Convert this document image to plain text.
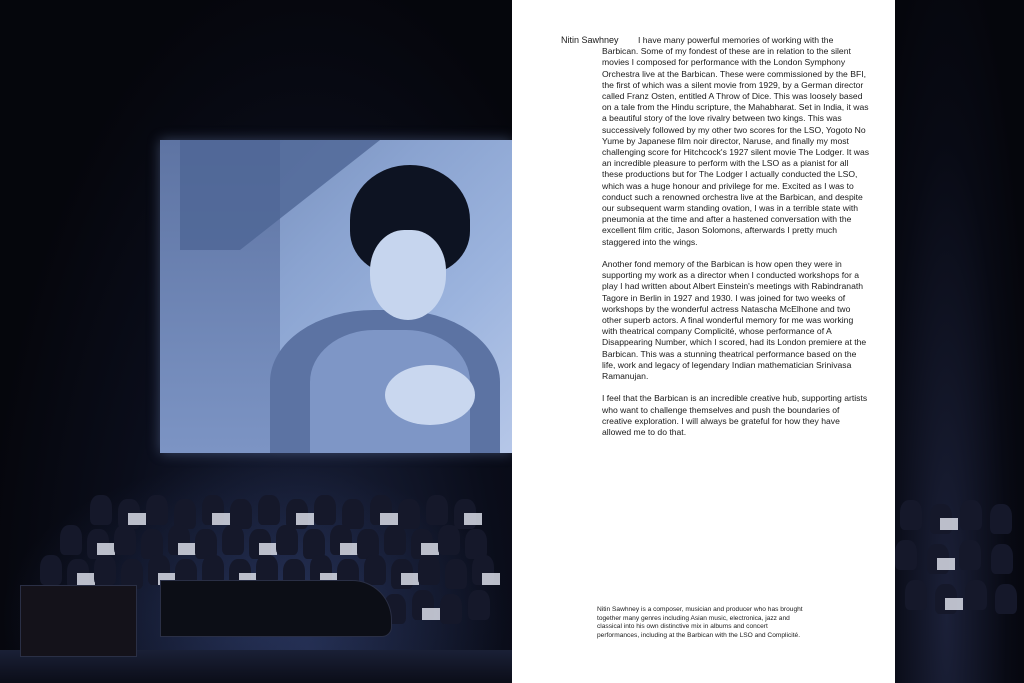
Nitin Sawhney	I have many powerful memories of working with the Barbican. Some of my fondest of these are in relation to the silent movies I composed for performance with the London Symphony Orchestra live at the Barbican. These were commissioned by the BFI, the first of which was a silent movie from 1929, by a German director called Franz Osten, entitled A Throw of Dice. This was loosely based on a tale from the Hindu scripture, the Mahabharat. Set in India, it was a beautiful story of the love rivalry between two kings. This was successively followed by my other two scores for the LSO, Yogoto No Yume by Japanese film noir director, Naruse, and finally my most challenging score for Hitchcock's 1927 silent movie The Lodger. It was an incredible pleasure to perform with the LSO as a pianist for all these productions but for The Lodger I actually conducted the LSO, which was a huge honour and privilege for me. Excited as I was to conduct such a renowned orchestra live at the Barbican, and despite our subsequent warm standing ovation, I was in a terrible state with pneumonia at the time and after a hastened conversation with the excellent film critic, Jason Solomons, afterwards I pretty much staggered into the wings.

Another fond memory of the Barbican is how open they were in supporting my work as a director when I conducted workshops for a play I had written about Albert Einstein's meetings with Rabindranath Tagore in Berlin in 1927 and 1930. I was joined for two weeks of workshops by the wonderful actress Natascha McElhone and two other superb actors. A final wonderful memory for me was working with theatrical company Complicité, whose performance of A Disappearing Number, which I scored, had its London premiere at the Barbican. This was a stunning theatrical performance based on the life, work and legacy of legendary Indian mathematician Srinivasa Ramanujan.

I feel that the Barbican is an incredible creative hub, supporting artists who want to challenge themselves and push the boundaries of creative exploration. I will always be grateful for how they have allowed me to do that.

Nitin Sawhney is a composer, musician and producer who has brought together many genres including Asian music, electronica, jazz and classical into his own distinctive mix in albums and concert performances, including at the Barbican with the LSO and Complicité.
